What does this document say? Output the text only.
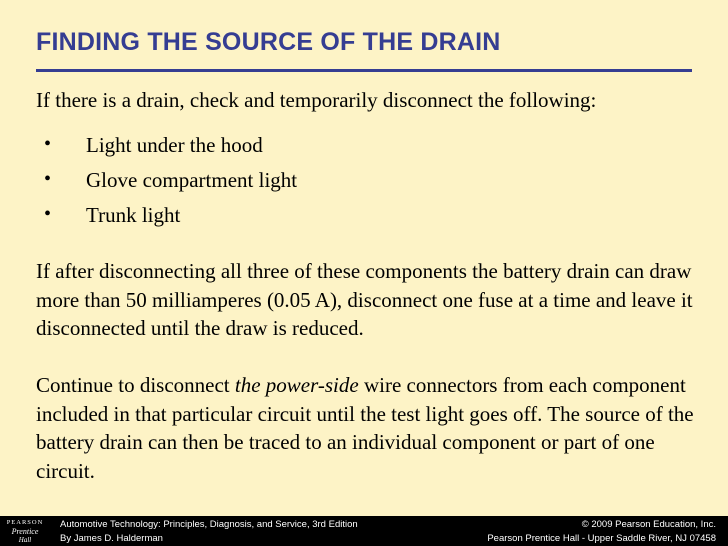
FINDING THE SOURCE OF THE DRAIN
If there is a drain, check and temporarily disconnect the following:
•	Light under the hood
•	Glove compartment light
•	Trunk light
If after disconnecting all three of these components the battery drain can draw more than 50 milliamperes (0.05 A), disconnect one fuse at a time and leave it disconnected until the draw is reduced.
Continue to disconnect the power-side wire connectors from each component included in that particular circuit until the test light goes off. The source of the battery drain can then be traced to an individual component or part of one circuit.
PEARSON
Prentice
Hall
Automotive Technology: Principles, Diagnosis, and Service, 3rd Edition
By James D. Halderman
© 2009 Pearson Education, Inc.
Pearson Prentice Hall - Upper Saddle River, NJ 07458
